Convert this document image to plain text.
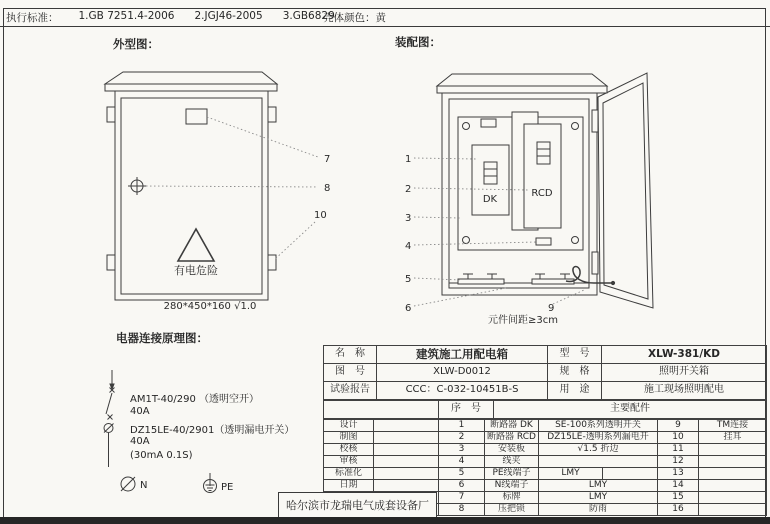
执行标准： 1.GB 7251.4-2006 2.JGJ46-2005 3.GB6829
壳体颜色：黄
外型图：	装配图：
电器连接原理图：
有电危险
280*450*160 √1.0
7
8
10
DK
RCD
1
2
3
4
5
6	9
元件间距≥3cm
N	PE
AM1T-40/290 （透明空开）
40A
DZ15LE-40/2901（透明漏电开关）
40A
(30mA 0.1S)
名　称	建筑施工用配电箱	型　号	XLW-381/KD
图　号	XLW-D0012	规　格	照明开关箱
试验报告	CCC：C-032-10451B-S	用　途	施工现场照明配电
	序　号	主要配件
设计		1	断路器 DK	SE-100系列透明开关		9	TM连接
制图		2	断路器 RCD	DZ15LE-透明系列漏电开		10	挂耳
校核		3	安装板	√1.5 折边		11	
审核		4	线夹			12	
标准化		5	PE线端子	LMY		13	
日期		6	N线端子	LMY		14	
		7	标牌	LMY		15	
		8	压把锁	防雨		16	
哈尔滨市龙瑞电气成套设备厂
